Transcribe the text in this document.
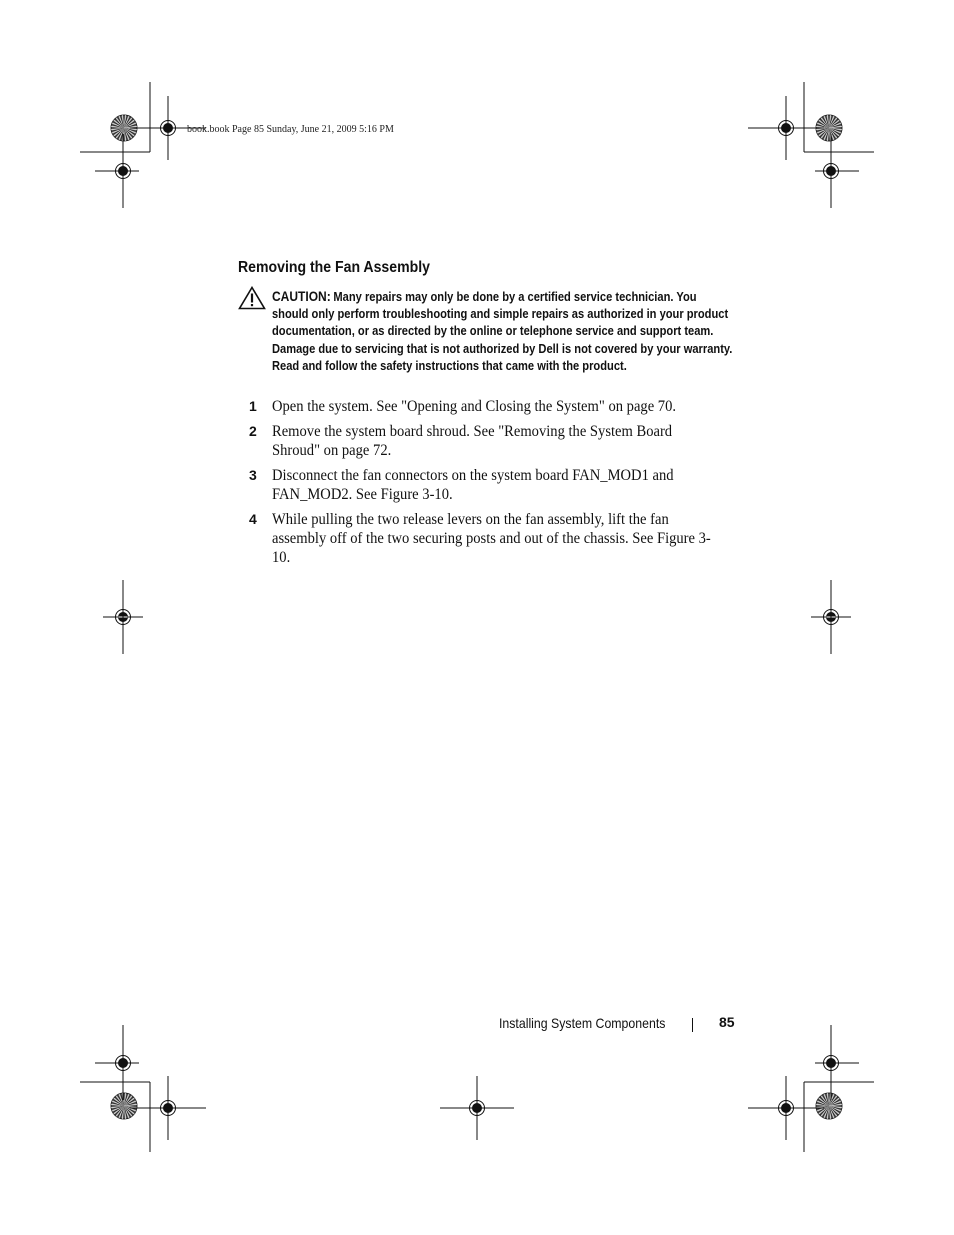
book.book Page 85 Sunday, June 21, 2009 5:16 PM
Removing the Fan Assembly
CAUTION: Many repairs may only be done by a certified service technician. You should only perform troubleshooting and simple repairs as authorized in your product documentation, or as directed by the online or telephone service and support team. Damage due to servicing that is not authorized by Dell is not covered by your warranty. Read and follow the safety instructions that came with the product.
1 Open the system. See "Opening and Closing the System" on page 70.
2 Remove the system board shroud. See "Removing the System Board Shroud" on page 72.
3 Disconnect the fan connectors on the system board FAN_MOD1 and FAN_MOD2. See Figure 3-10.
4 While pulling the two release levers on the fan assembly, lift the fan assembly off of the two securing posts and out of the chassis. See Figure 3-10.
Installing System Components	85
